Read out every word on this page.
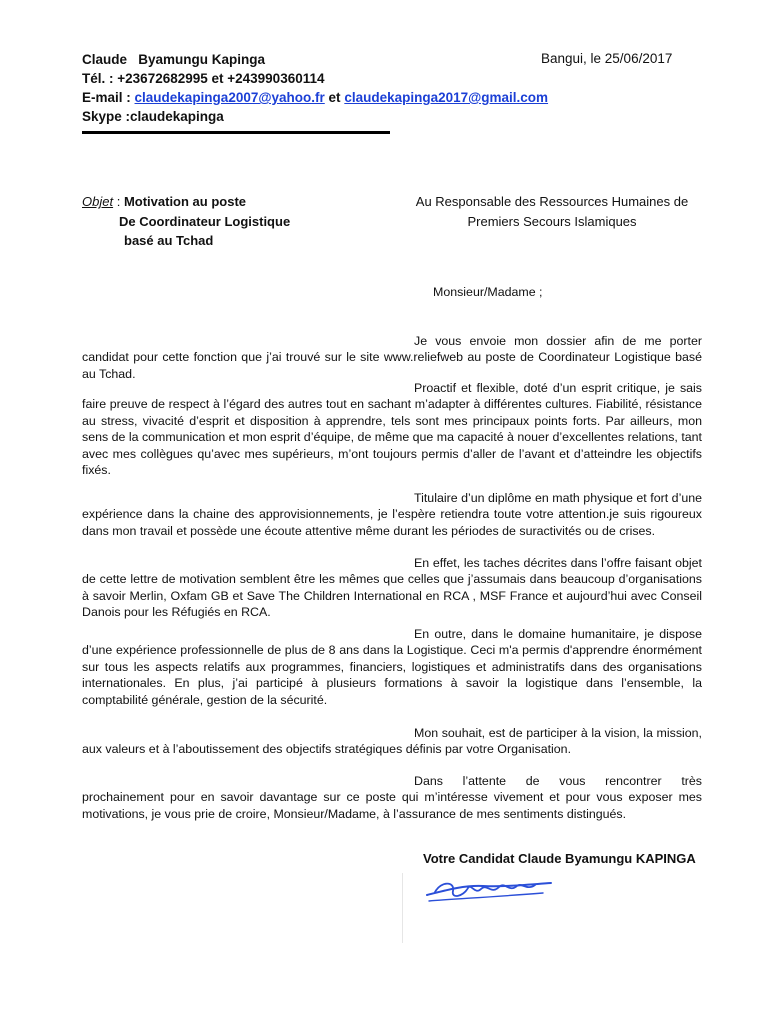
Claude Byamungu Kapinga
Tél. : +23672682995 et +243990360114
E-mail : claudekapinga2007@yahoo.fr et claudekapinga2017@gmail.com
Skype :claudekapinga
Bangui, le 25/06/2017
Objet : Motivation au poste
De Coordinateur Logistique
basé au Tchad
Au Responsable des Ressources Humaines de
Premiers Secours Islamiques
Monsieur/Madame ;
Je vous envoie mon dossier afin de me porter candidat pour cette fonction que j’ai trouvé sur le site www.reliefweb au poste de Coordinateur Logistique basé au Tchad.
Proactif et flexible, doté d’un esprit critique, je sais faire preuve de respect à l’égard des autres tout en sachant m’adapter à différentes cultures. Fiabilité, résistance au stress, vivacité d’esprit et disposition à apprendre, tels sont mes principaux points forts. Par ailleurs, mon sens de la communication et mon esprit d’équipe, de même que ma capacité à nouer d’excellentes relations, tant avec mes collègues qu’avec mes supérieurs, m’ont toujours permis d’aller de l’avant et d’atteindre les objectifs fixés.
Titulaire d’un diplôme en math physique et fort d’une expérience dans la chaine des approvisionnements, je l’espère retiendra toute votre attention.je suis rigoureux dans mon travail et possède une écoute attentive même durant les périodes de suractivités ou de crises.
En effet, les taches décrites dans l’offre faisant objet de cette lettre de motivation semblent être les mêmes que celles que j’assumais dans beaucoup d’organisations à savoir Merlin, Oxfam GB et Save The Children International en RCA , MSF France et aujourd’hui avec Conseil Danois pour les Réfugiés en RCA.
En outre, dans le domaine humanitaire, je dispose d’une expérience professionnelle de plus de 8 ans dans la Logistique. Ceci m'a permis d'apprendre énormément sur tous les aspects relatifs aux programmes, financiers, logistiques et administratifs dans des organisations internationales. En plus, j’ai participé à plusieurs formations à savoir la logistique dans l’ensemble, la comptabilité générale, gestion de la sécurité.
Mon souhait, est de participer à la vision, la mission, aux valeurs et à l’aboutissement des objectifs stratégiques définis par votre Organisation.
Dans l’attente de vous rencontrer très prochainement pour en savoir davantage sur ce poste qui m’intéresse vivement et pour vous exposer mes motivations, je vous prie de croire, Monsieur/Madame, à l’assurance de mes sentiments distingués.
Votre Candidat Claude Byamungu KAPINGA
